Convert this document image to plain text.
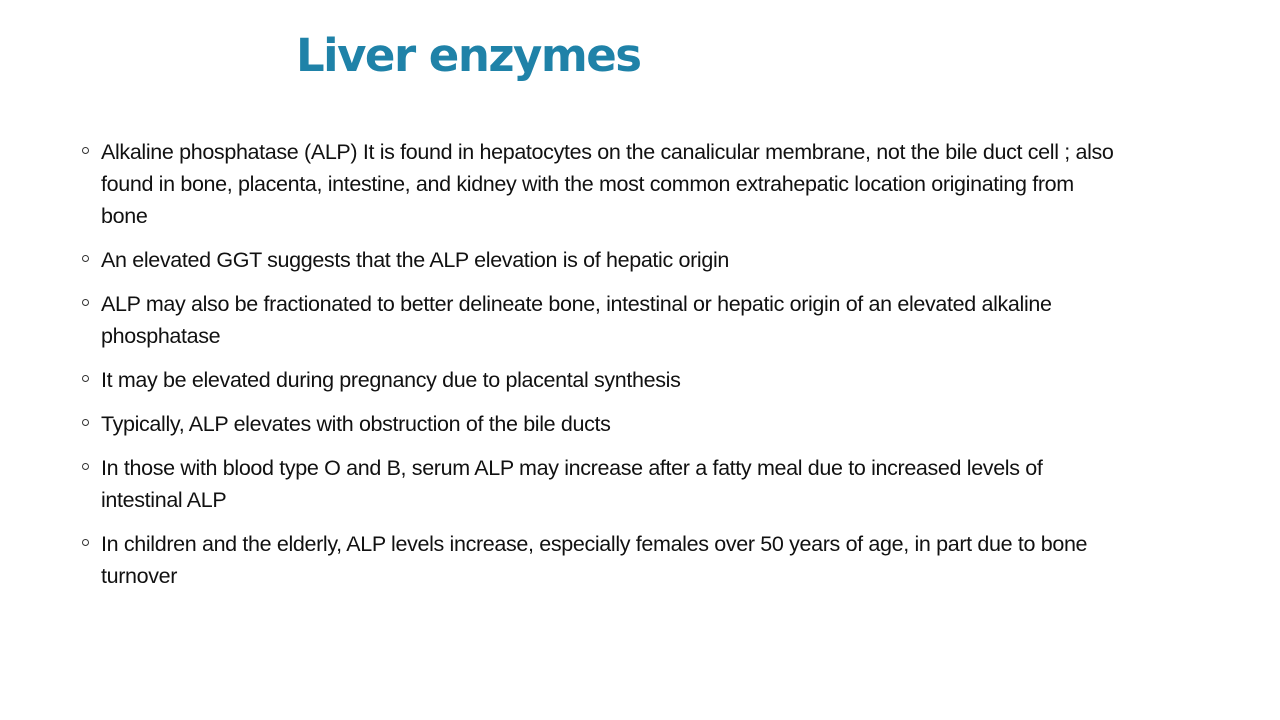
Liver enzymes
Alkaline phosphatase (ALP) It is found in hepatocytes on the canalicular membrane, not the bile duct cell ; also found in bone, placenta, intestine, and kidney with the most common extrahepatic location originating from bone
An elevated GGT suggests that the ALP elevation is of hepatic origin
ALP may also be fractionated to better delineate bone, intestinal or hepatic origin of an elevated alkaline phosphatase
It may be elevated during pregnancy due to placental synthesis
Typically, ALP elevates with obstruction of the bile ducts
In those with blood type O and B, serum ALP may increase after a fatty meal due to increased levels of intestinal ALP
In children and the elderly, ALP levels increase, especially females over 50 years of age, in part due to bone turnover
